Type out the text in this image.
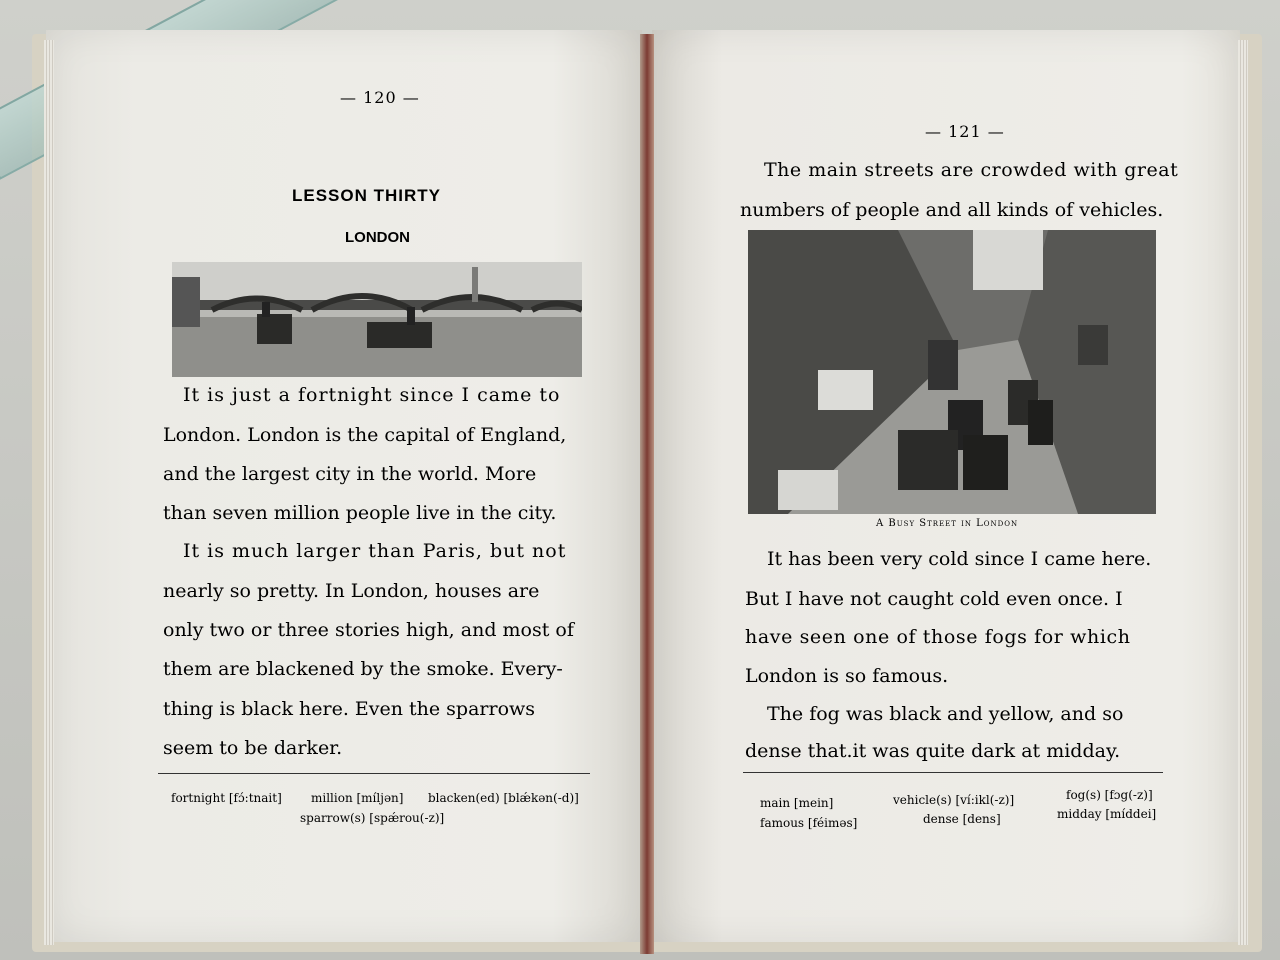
— 120 —
LESSON THIRTY
LONDON
It is just a fortnight since I came to
London. London is the capital of England,
and the largest city in the world. More
than seven million people live in the city.
It is much larger than Paris, but not
nearly so pretty. In London, houses are
only two or three stories high, and most of
them are blackened by the smoke. Every-
thing is black here. Even the sparrows
seem to be darker.
fortnight [fɔ́:tnait] million [míljən] blacken(ed) [blǽkən(-d)]
sparrow(s) [spǽrou(-z)]
— 121 —
The main streets are crowded with great
numbers of people and all kinds of vehicles.
A Busy Street in London
It has been very cold since I came here.
But I have not caught cold even once. I
have seen one of those fogs for which
London is so famous.
The fog was black and yellow, and so
dense that.it was quite dark at midday.
main [mein]
famous [féiməs]
vehicle(s) [ví:ikl(-z)]
dense [dens]
fog(s) [fɔg(-z)]
midday [míddei]
